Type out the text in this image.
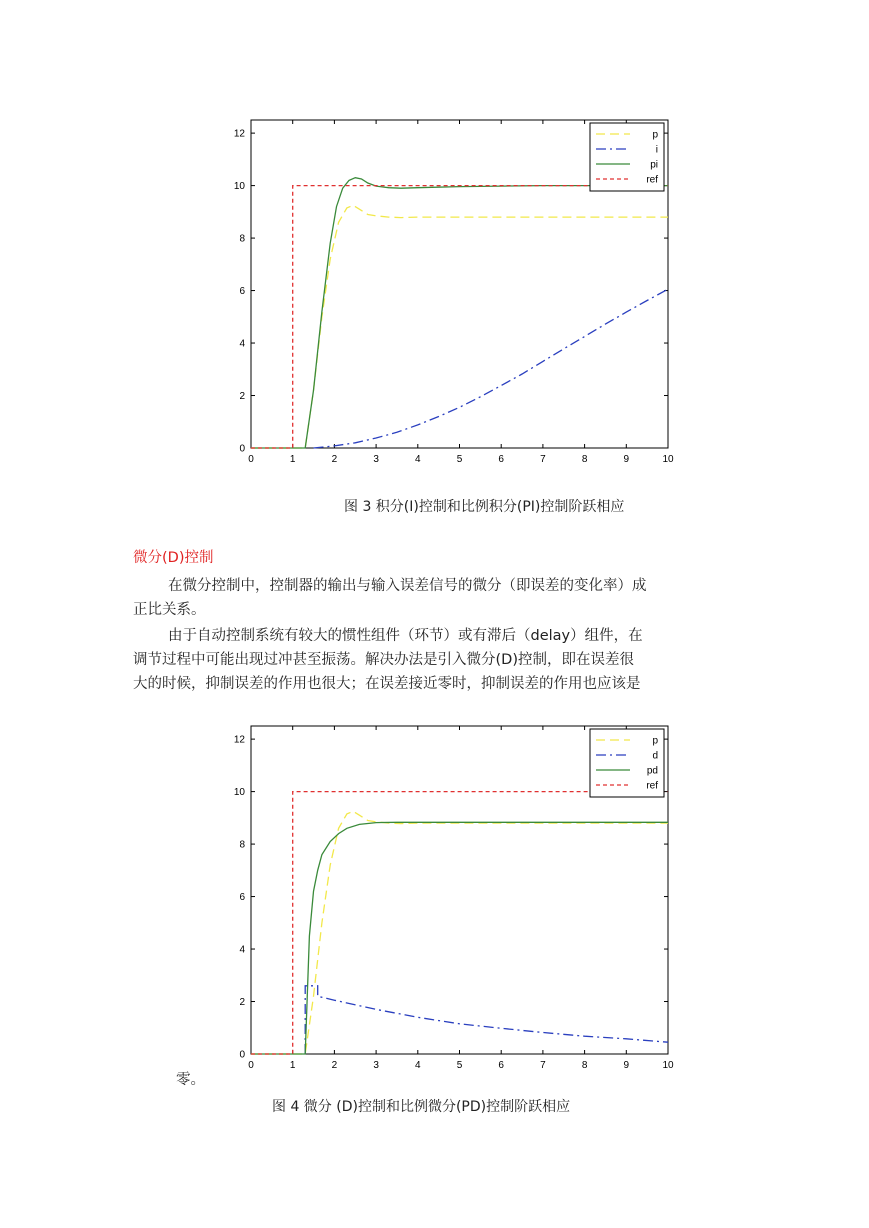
0	1	2	3	4	5	6	7	8	9	10
0
2
4
6
8
10
12	p
i
pi
ref
图 3 积分(I)控制和比例积分(PI)控制阶跃相应
微分(D)控制
在微分控制中，控制器的输出与输入误差信号的微分（即误差的变化率）成
正比关系。
由于自动控制系统有较大的惯性组件（环节）或有滞后（delay）组件，在
调节过程中可能出现过冲甚至振荡。解决办法是引入微分(D)控制，即在误差很
大的时候，抑制误差的作用也很大；在误差接近零时，抑制误差的作用也应该是
0	1	2	3	4	5	6	7	8	9	10
0
2
4
6
8
10
12	p
d
pd
ref
零。
图 4 微分 (D)控制和比例微分(PD)控制阶跃相应
